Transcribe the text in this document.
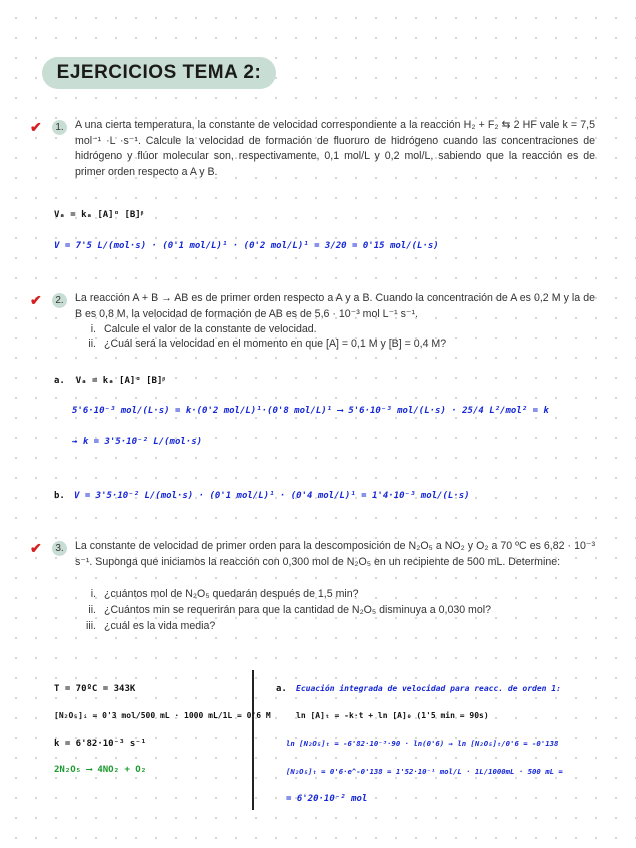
EJERCICIOS TEMA 2:
✔	1.	A una cierta temperatura, la constante de velocidad correspondiente a la reacción H₂ + F₂ ⇆ 2 HF vale k = 7,5 mol⁻¹ ·L ·s⁻¹. Calcule la velocidad de formación de fluoruro de hidrógeno cuando las concentraciones de hidrógeno y flúor molecular son, respectivamente, 0,1 mol/L y 0,2 mol/L, sabiendo que la reacción es de primer orden respecto a A y B.
Vₐ = kₐ [A]ᵅ [B]ᵝ
V = 7'5 L/(mol·s) · (0'1 mol/L)¹ · (0'2 mol/L)¹ = 3/20 = 0'15 mol/(L·s)
✔	2.	La reacción A + B → AB es de primer orden respecto a A y a B. Cuando la concentración de A es 0,2 M y la de B es 0,8 M, la velocidad de formación de AB es de 5,6 · 10⁻³ mol L⁻¹ s⁻¹.
i. Calcule el valor de la constante de velocidad.
ii. ¿Cuál será la velocidad en el momento en que [A] = 0,1 M y [B] = 0,4 M?
a. Vₐ = kₐ [A]ᵅ [B]ᵝ
5'6·10⁻³ mol/(L·s) = k·(0'2 mol/L)¹·(0'8 mol/L)¹ ⟶ 5'6·10⁻³ mol/(L·s) · 25/4 L²/mol² = k
⇝ k = 3'5·10⁻² L/(mol·s)
b. V = 3'5·10⁻² L/(mol·s) · (0'1 mol/L)¹ · (0'4 mol/L)¹ = 1'4·10⁻³ mol/(L·s)
✔	3.	La constante de velocidad de primer orden para la descomposición de N₂O₅ a NO₂ y O₂ a 70 ºC es 6,82 · 10⁻³ s⁻¹. Suponga que iniciamos la reacción con 0,300 mol de N₂O₅ en un recipiente de 500 mL. Determine:
i. ¿cuántos mol de N₂O₅ quedarán después de 1,5 min?
ii. ¿Cuántos min se requerirán para que la cantidad de N₂O₅ disminuya a 0,030 mol?
iii. ¿cuál es la vida media?
T = 70ºC = 343K
[N₂O₅]ᵢ = 0'3 mol/500 mL · 1000 mL/1L = 0'6 M
k = 6'82·10⁻³ s⁻¹
2N₂O₅ ⟶ 4NO₂ + O₂
a. Ecuación integrada de velocidad para reacc. de orden 1:
ln [A]ₜ = -k·t + ln [A]₀ (1'5 min = 90s)
ln [N₂O₅]ₜ = -6'82·10⁻³·90 · ln(0'6) ⇝ ln [N₂O₅]ₜ/0'6 = -0'138
[N₂O₅]ₜ = 0'6·e^-0'138 = 1'52·10⁻¹ mol/L · 1L/1000mL · 500 mL =
= 6'20·10⁻² mol
